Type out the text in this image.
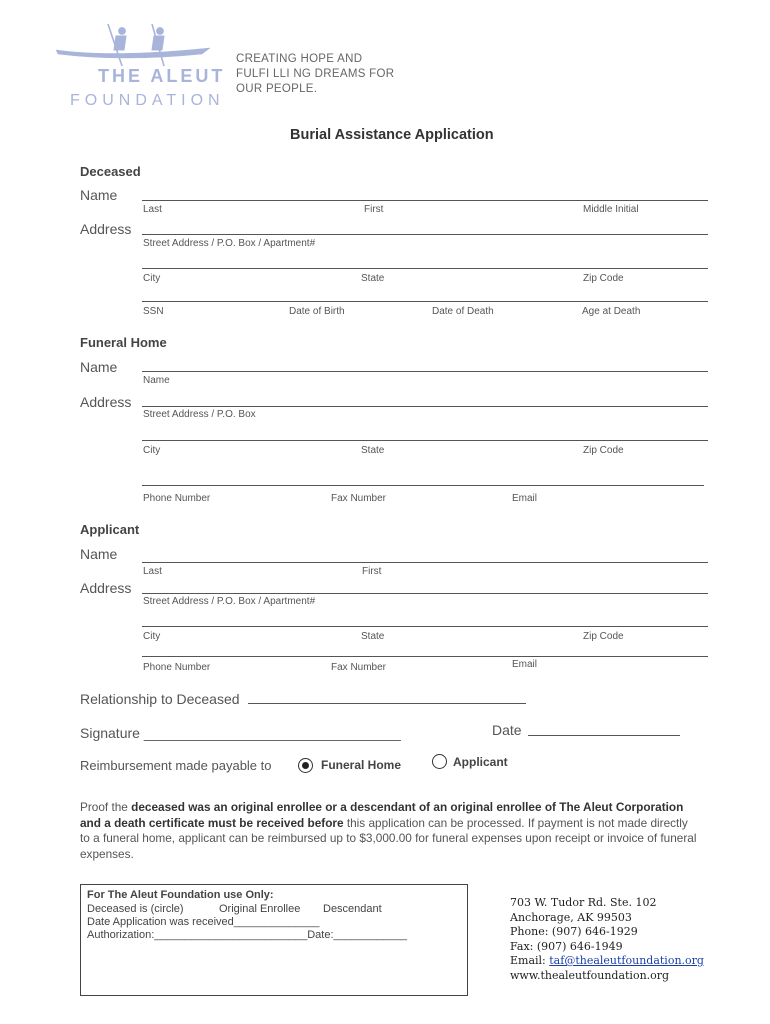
THE ALEUT
FOUNDATION
CREATING HOPE AND
FULFI LLI NG DREAMS FOR
OUR PEOPLE.
Burial Assistance Application
Deceased
Name
Last	First	Middle Initial
Address
Street Address / P.O. Box / Apartment#
City	State	Zip Code
SSN	Date of Birth	Date of Death	Age at Death
Funeral Home
Name
Name
Address
Street Address / P.O. Box
City	State	Zip Code
Phone Number	Fax Number	Email
Applicant
Name
Last	First
Address
Street Address / P.O. Box / Apartment#
City	State	Zip Code
Phone Number	Fax Number	Email
Relationship to Deceased
Signature _________________________________	Date
Reimbursement made payable to	Funeral Home	Applicant
Proof the deceased was an original enrollee or a descendant of an original enrollee of The Aleut Corporation and a death certificate must be received before this application can be processed. If payment is not made directly to a funeral home, applicant can be reimbursed up to $3,000.00 for funeral expenses upon receipt or invoice of funeral expenses.
For The Aleut Foundation use Only:
Deceased is (circle)	Original Enrollee Descendant
Date Application was received______________
Authorization:_________________________Date:____________
703 W. Tudor Rd. Ste. 102
Anchorage, AK 99503
Phone: (907) 646-1929
Fax: (907) 646-1949
Email: taf@thealeutfoundation.org
www.thealeutfoundation.org
